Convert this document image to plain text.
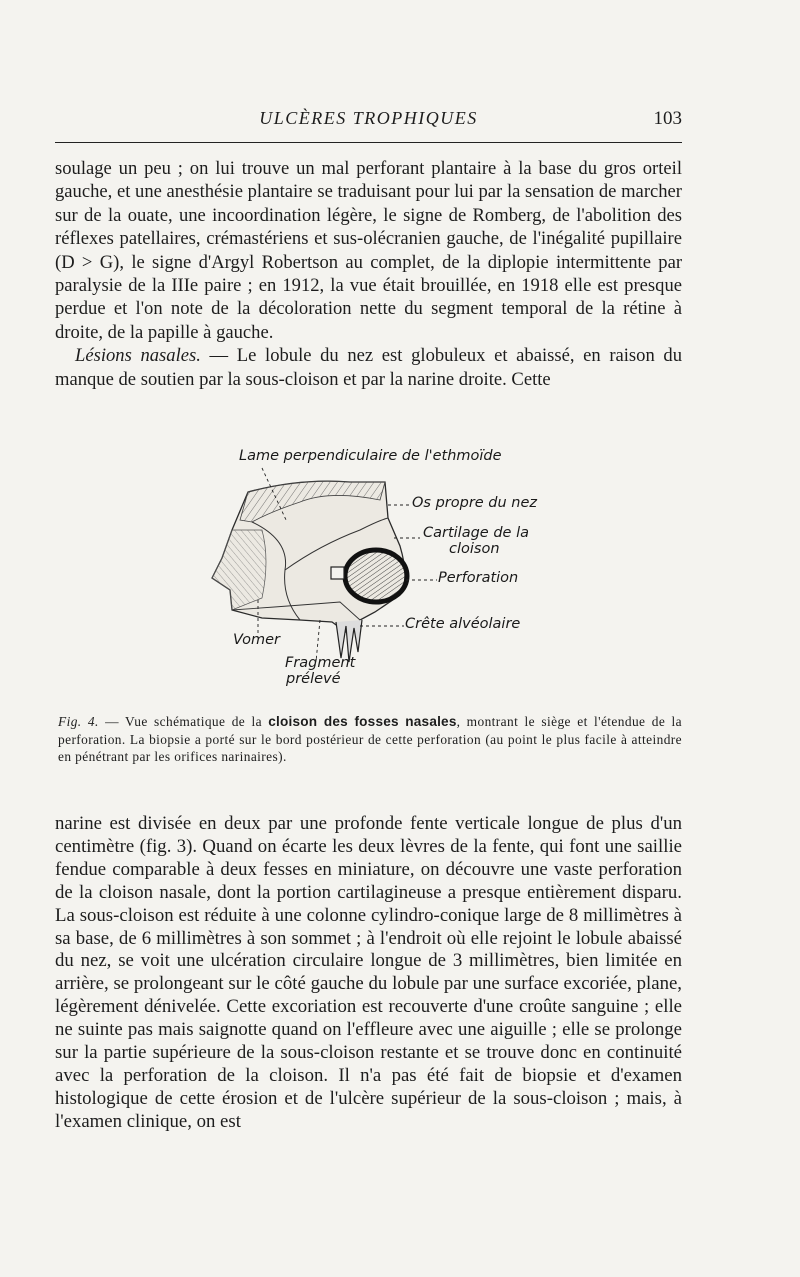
ULCÈRES TROPHIQUES	103

soulage un peu ; on lui trouve un mal perforant plantaire à la base du gros orteil gauche, et une anesthésie plantaire se traduisant pour lui par la sensation de marcher sur de la ouate, une incoordination légère, le signe de Romberg, de l'abolition des réflexes patellaires, crémastériens et sus-olécranien gauche, de l'inégalité pupillaire (D > G), le signe d'Argyl Robertson au complet, de la diplopie intermittente par paralysie de la IIIe paire ; en 1912, la vue était brouillée, en 1918 elle est presque perdue et l'on note de la décoloration nette du segment temporal de la rétine à droite, de la papille à gauche.
Lésions nasales. — Le lobule du nez est globuleux et abaissé, en raison du manque de soutien par la sous-cloison et par la narine droite. Cette

Lame perpendiculaire de l'ethmoïde
Os propre du nez
Cartilage de la
cloison
Perforation
Crête alvéolaire
Vomer
Fragment
prélevé

Fig. 4. — Vue schématique de la cloison des fosses nasales, montrant le siège et l'étendue de la perforation. La biopsie a porté sur le bord postérieur de cette perforation (au point le plus facile à atteindre en pénétrant par les orifices narinaires).

narine est divisée en deux par une profonde fente verticale longue de plus d'un centimètre (fig. 3). Quand on écarte les deux lèvres de la fente, qui font une saillie fendue comparable à deux fesses en miniature, on découvre une vaste perforation de la cloison nasale, dont la portion cartilagineuse a presque entièrement disparu. La sous-cloison est réduite à une colonne cylindro-conique large de 8 millimètres à sa base, de 6 millimètres à son sommet ; à l'endroit où elle rejoint le lobule abaissé du nez, se voit une ulcération circulaire longue de 3 millimètres, bien limitée en arrière, se prolongeant sur le côté gauche du lobule par une surface excoriée, plane, légèrement dénivelée. Cette excoriation est recouverte d'une croûte sanguine ; elle ne suinte pas mais saignotte quand on l'effleure avec une aiguille ; elle se prolonge sur la partie supérieure de la sous-cloison restante et se trouve donc en continuité avec la perforation de la cloison. Il n'a pas été fait de biopsie et d'examen histologique de cette érosion et de l'ulcère supérieur de la sous-cloison ; mais, à l'examen clinique, on est
